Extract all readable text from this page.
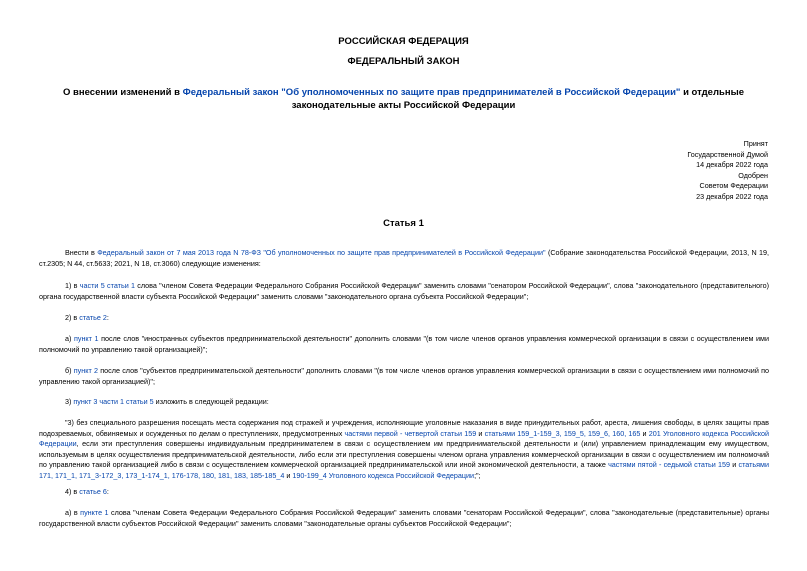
РОССИЙСКАЯ ФЕДЕРАЦИЯ
ФЕДЕРАЛЬНЫЙ ЗАКОН
О внесении изменений в Федеральный закон "Об уполномоченных по защите прав предпринимателей в Российской Федерации" и отдельные законодательные акты Российской Федерации
Принят
Государственной Думой
14 декабря 2022 года
Одобрен
Советом Федерации
23 декабря 2022 года
Статья 1

Внести в Федеральный закон от 7 мая 2013 года N 78-ФЗ "Об уполномоченных по защите прав предпринимателей в Российской Федерации" (Собрание законодательства Российской Федерации, 2013, N 19, ст.2305; N 44, ст.5633; 2021, N 18, ст.3060) следующие изменения:

1) в части 5 статьи 1 слова "членом Совета Федерации Федерального Собрания Российской Федерации" заменить словами "сенатором Российской Федерации", слова "законодательного (представительного) органа государственной власти субъекта Российской Федерации" заменить словами "законодательного органа субъекта Российской Федерации";

2) в статье 2:

а) пункт 1 после слов "иностранных субъектов предпринимательской деятельности" дополнить словами "(в том числе членов органов управления коммерческой организации в связи с осуществлением ими полномочий по управлению такой организацией)";

б) пункт 2 после слов "субъектов предпринимательской деятельности" дополнить словами "(в том числе членов органов управления коммерческой организации в связи с осуществлением ими полномочий по управлению такой организацией)";

3) пункт 3 части 1 статьи 5 изложить в следующей редакции:

"3) без специального разрешения посещать места содержания под стражей и учреждения, исполняющие уголовные наказания в виде принудительных работ, ареста, лишения свободы, в целях защиты прав подозреваемых, обвиняемых и осужденных по делам о преступлениях, предусмотренных частями первой - четвертой статьи 159 и статьями 159_1-159_3, 159_5, 159_6, 160, 165 и 201 Уголовного кодекса Российской Федерации, если эти преступления совершены индивидуальным предпринимателем в связи с осуществлением им предпринимательской деятельности и (или) управлением принадлежащим ему имуществом, используемым в целях осуществления предпринимательской деятельности, либо если эти преступления совершены членом органа управления коммерческой организации в связи с осуществлением им полномочий по управлению такой организацией либо в связи с осуществлением коммерческой организацией предпринимательской или иной экономической деятельности, а также частями пятой - седьмой статьи 159 и статьями 171, 171_1, 171_3-172_3, 173_1-174_1, 176-178, 180, 181, 183, 185-185_4 и 190-199_4 Уголовного кодекса Российской Федерации;";

4) в статье 6:

а) в пункте 1 слова "членам Совета Федерации Федерального Собрания Российской Федерации" заменить словами "сенаторам Российской Федерации", слова "законодательные (представительные) органы государственной власти субъектов Российской Федерации" заменить словами "законодательные органы субъектов Российской Федерации";
